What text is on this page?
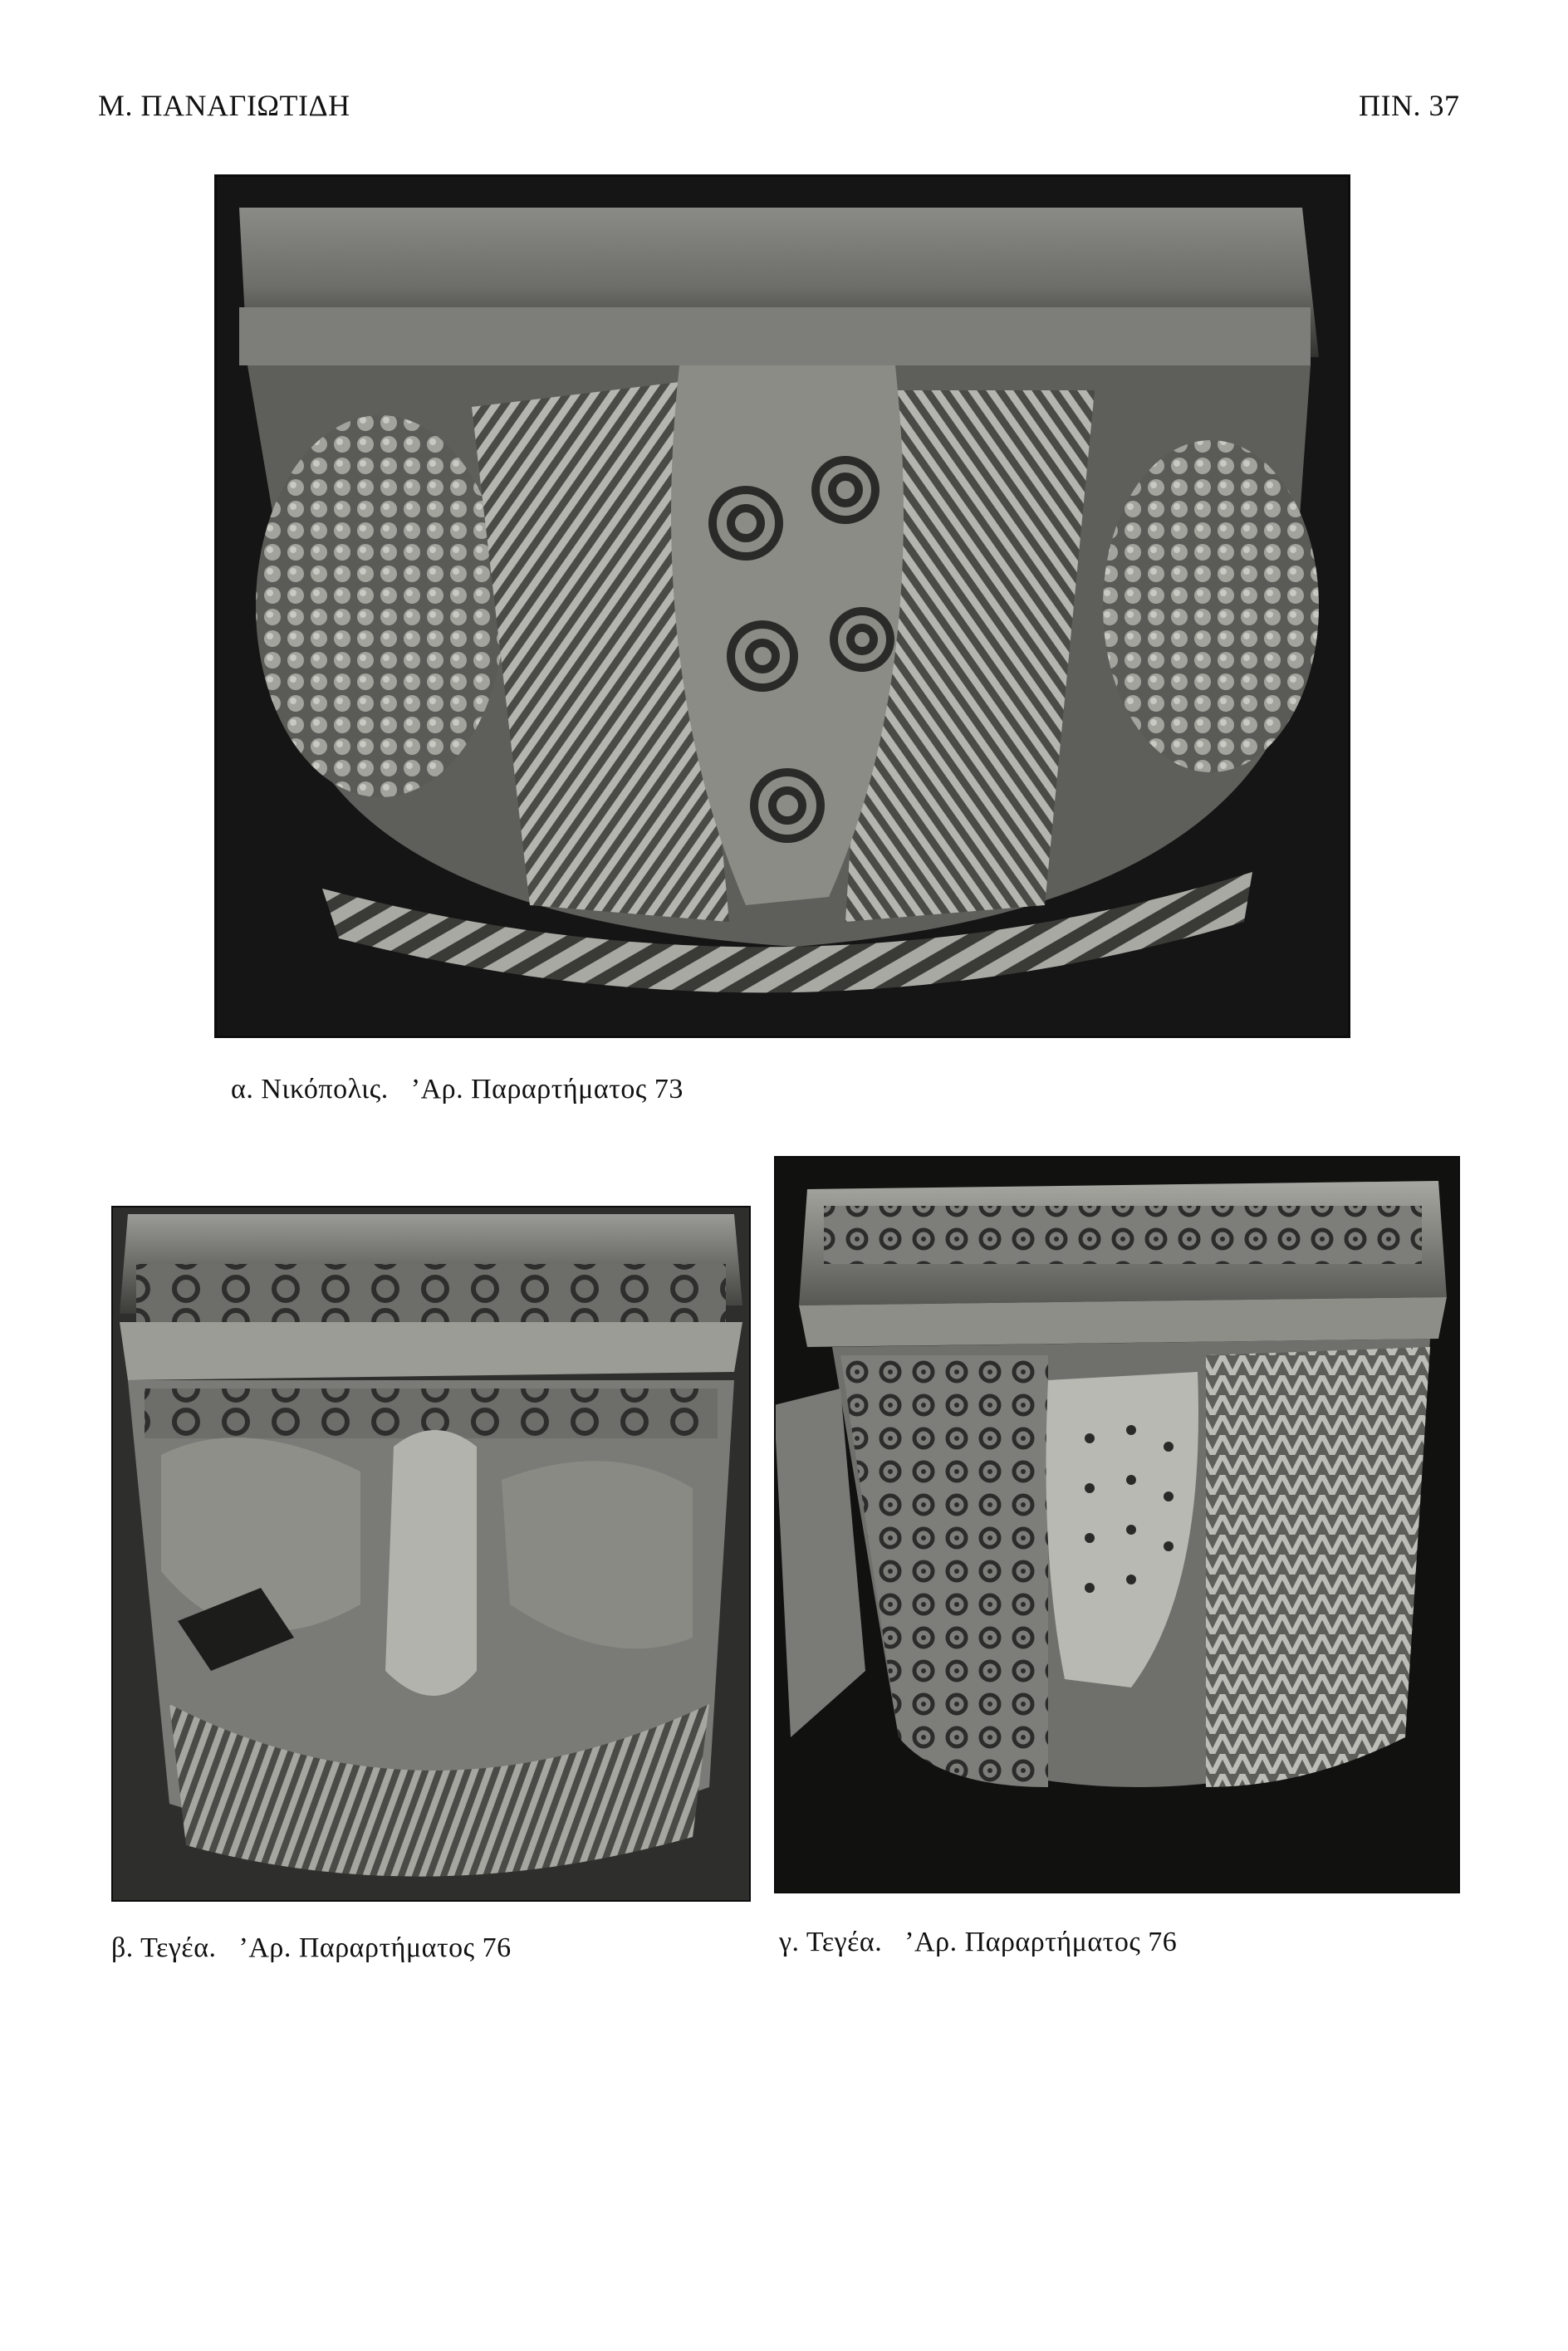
Μ. ΠΑΝΑΓΙΩΤΙΔΗ	ΠΙΝ. 37
α. Νικόπολις.   ’Αρ. Παραρτήματος 73
β. Τεγέα.   ’Αρ. Παραρτήματος 76	γ. Τεγέα.   ’Αρ. Παραρτήματος 76
